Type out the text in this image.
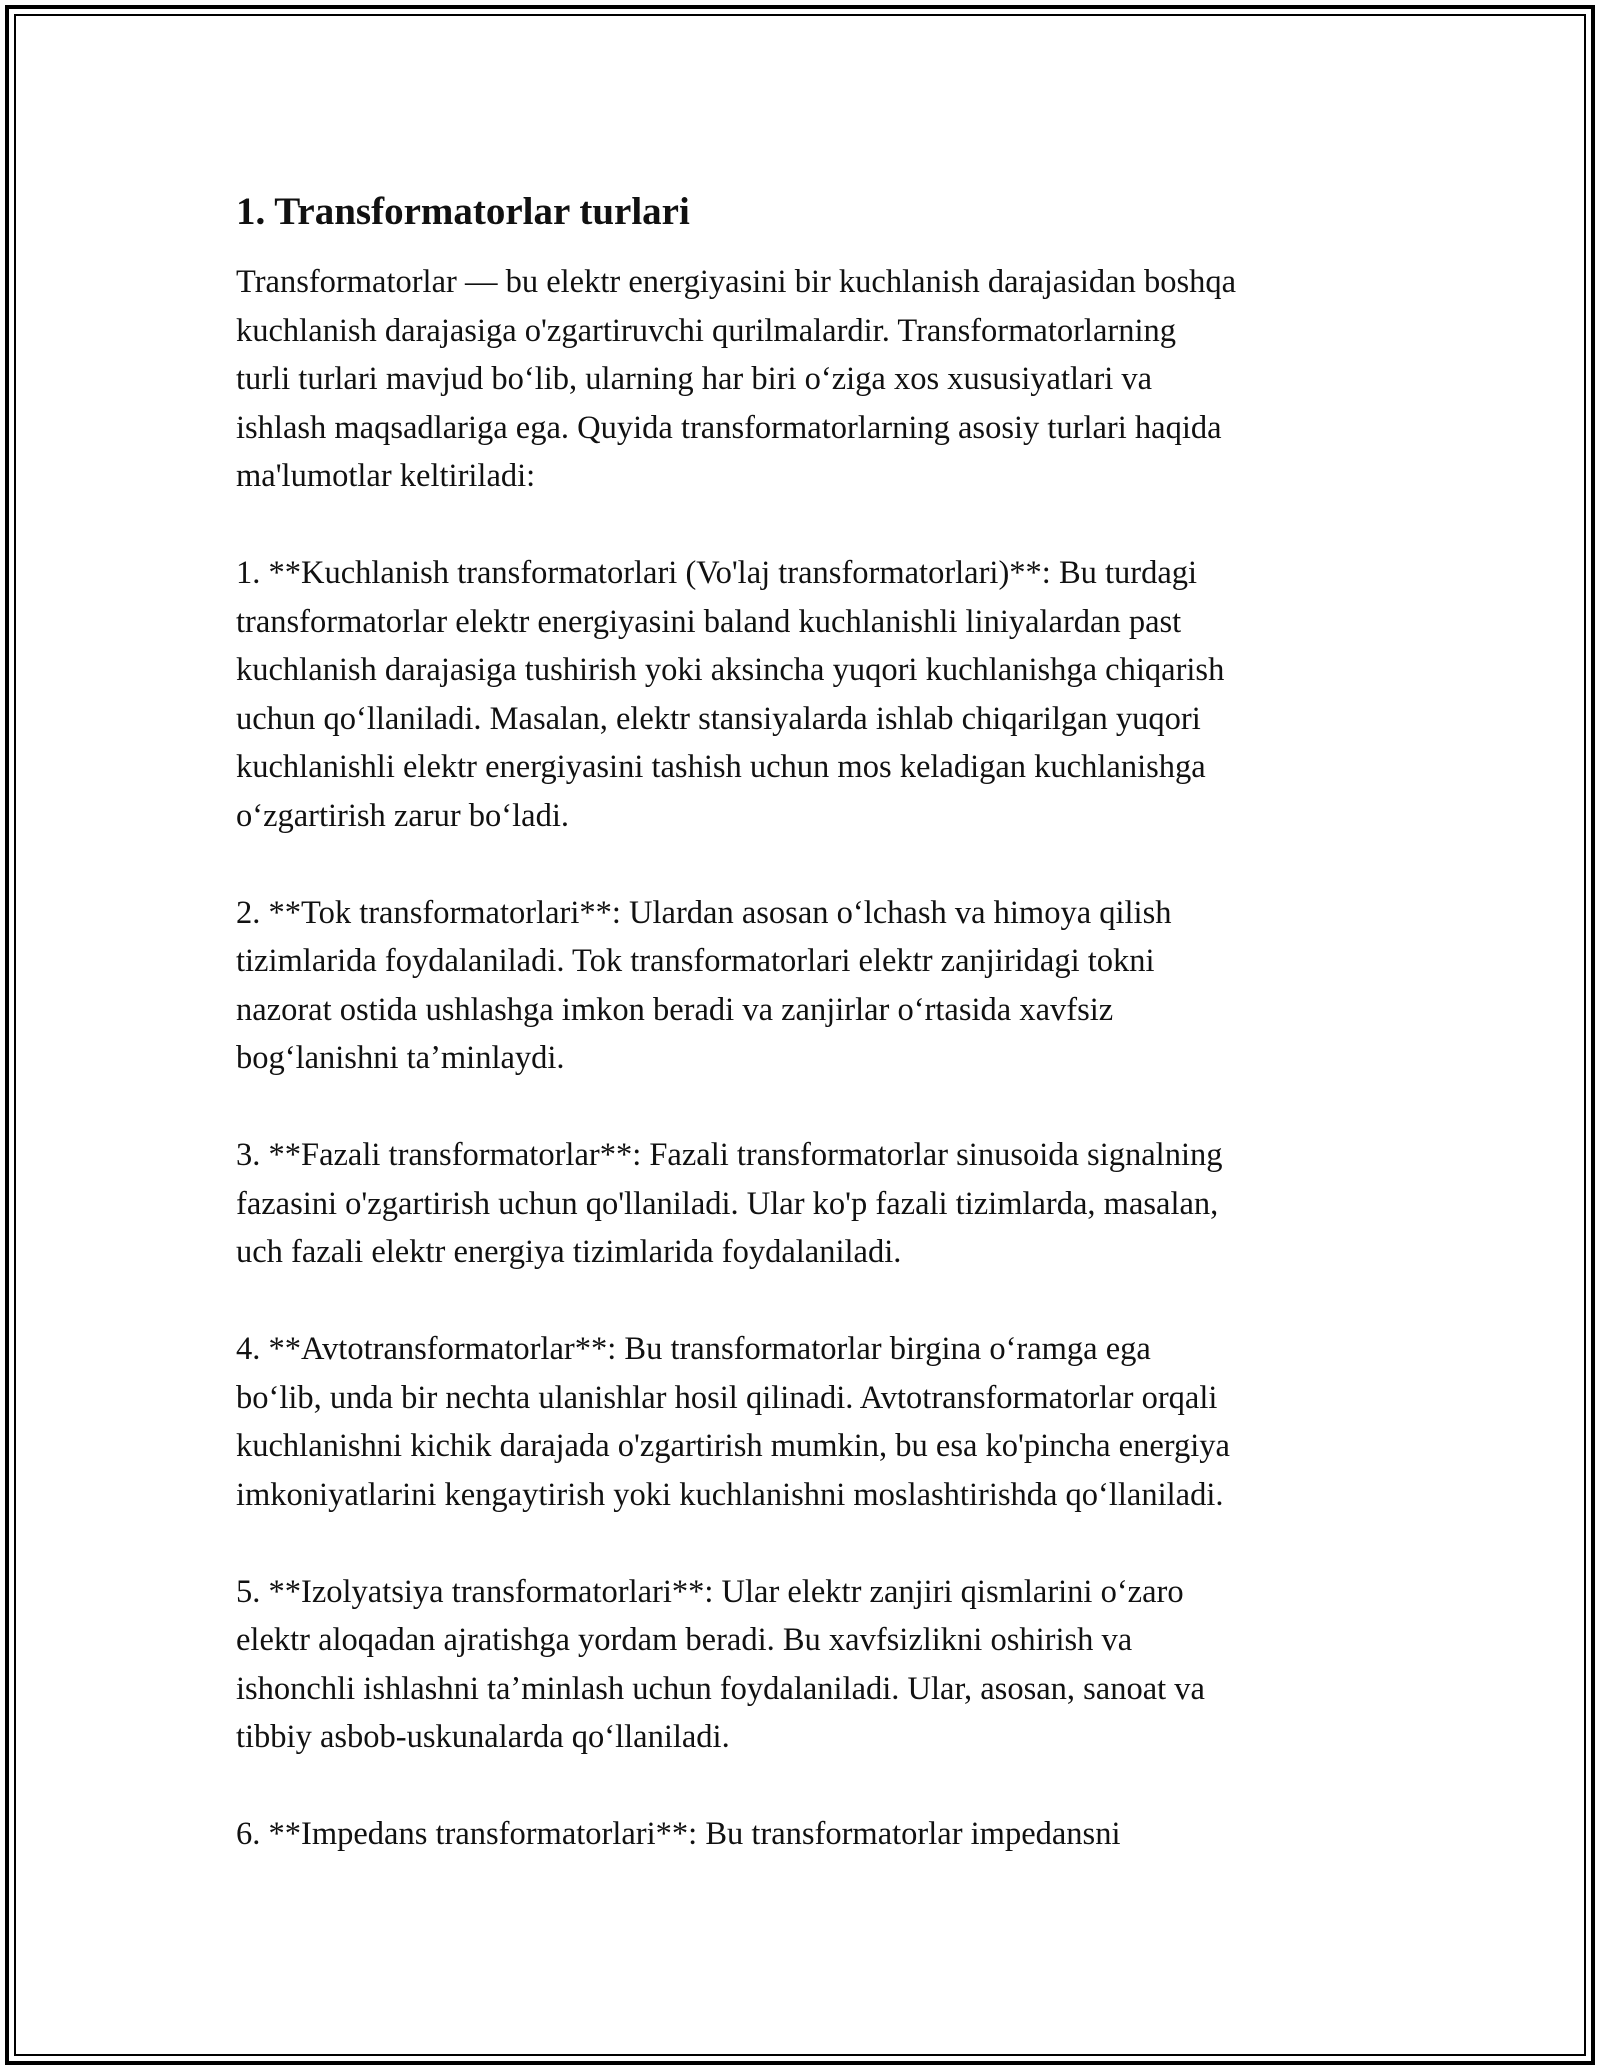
1. Transformatorlar turlari

Transformatorlar — bu elektr energiyasini bir kuchlanish darajasidan boshqa
kuchlanish darajasiga o'zgartiruvchi qurilmalardir. Transformatorlarning
turli turlari mavjud boʻlib, ularning har biri oʻziga xos xususiyatlari va
ishlash maqsadlariga ega. Quyida transformatorlarning asosiy turlari haqida
ma'lumotlar keltiriladi:

1. **Kuchlanish transformatorlari (Vo'laj transformatorlari)**: Bu turdagi
transformatorlar elektr energiyasini baland kuchlanishli liniyalardan past
kuchlanish darajasiga tushirish yoki aksincha yuqori kuchlanishga chiqarish
uchun qoʻllaniladi. Masalan, elektr stansiyalarda ishlab chiqarilgan yuqori
kuchlanishli elektr energiyasini tashish uchun mos keladigan kuchlanishga
oʻzgartirish zarur boʻladi.

2. **Tok transformatorlari**: Ulardan asosan oʻlchash va himoya qilish
tizimlarida foydalaniladi. Tok transformatorlari elektr zanjiridagi tokni
nazorat ostida ushlashga imkon beradi va zanjirlar oʻrtasida xavfsiz
bogʻlanishni taʼminlaydi.

3. **Fazali transformatorlar**: Fazali transformatorlar sinusoida signalning
fazasini o'zgartirish uchun qo'llaniladi. Ular ko'p fazali tizimlarda, masalan,
uch fazali elektr energiya tizimlarida foydalaniladi.

4. **Avtotransformatorlar**: Bu transformatorlar birgina oʻramga ega
boʻlib, unda bir nechta ulanishlar hosil qilinadi. Avtotransformatorlar orqali
kuchlanishni kichik darajada o'zgartirish mumkin, bu esa ko'pincha energiya
imkoniyatlarini kengaytirish yoki kuchlanishni moslashtirishda qoʻllaniladi.

5. **Izolyatsiya transformatorlari**: Ular elektr zanjiri qismlarini oʻzaro
elektr aloqadan ajratishga yordam beradi. Bu xavfsizlikni oshirish va
ishonchli ishlashni taʼminlash uchun foydalaniladi. Ular, asosan, sanoat va
tibbiy asbob-uskunalarda qoʻllaniladi.

6. **Impedans transformatorlari**: Bu transformatorlar impedansni
